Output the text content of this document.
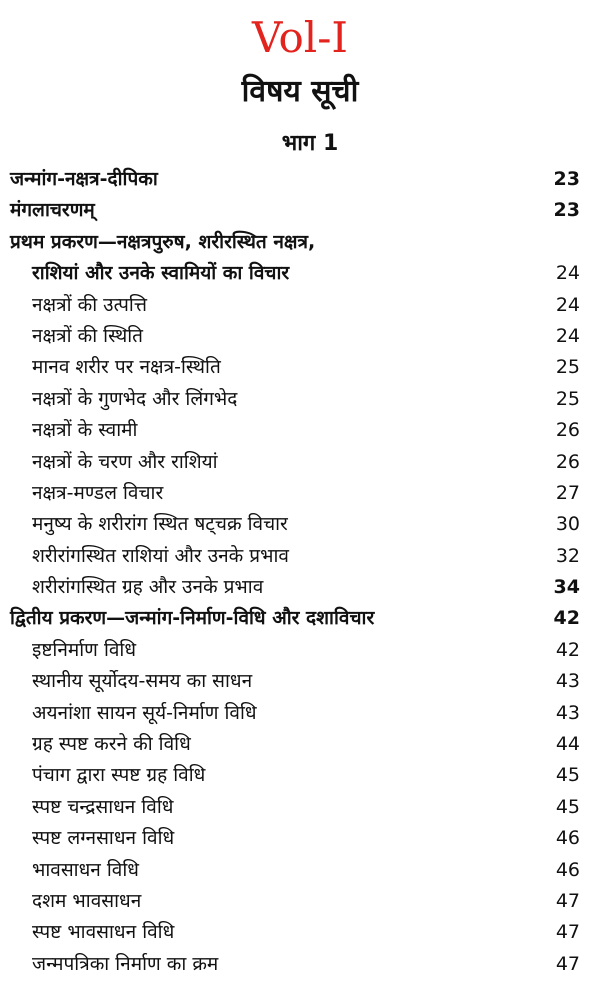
Vol-I
विषय सूची
भाग 1
जन्मांग-नक्षत्र-दीपिका	23
मंगलाचरणम्	23
प्रथम प्रकरण—नक्षत्रपुरुष, शरीरस्थित नक्षत्र,
राशियां और उनके स्वामियों का विचार	24
नक्षत्रों की उत्पत्ति	24
नक्षत्रों की स्थिति	24
मानव शरीर पर नक्षत्र-स्थिति	25
नक्षत्रों के गुणभेद और लिंगभेद	25
नक्षत्रों के स्वामी	26
नक्षत्रों के चरण और राशियां	26
नक्षत्र-मण्डल विचार	27
मनुष्य के शरीरांग स्थित षट्चक्र विचार	30
शरीरांगस्थित राशियां और उनके प्रभाव	32
शरीरांगस्थित ग्रह और उनके प्रभाव	34
द्वितीय प्रकरण—जन्मांग-निर्माण-विधि और दशाविचार	42
इष्टनिर्माण विधि	42
स्थानीय सूर्योदय-समय का साधन	43
अयनांशा सायन सूर्य-निर्माण विधि	43
ग्रह स्पष्ट करने की विधि	44
पंचाग द्वारा स्पष्ट ग्रह विधि	45
स्पष्ट चन्द्रसाधन विधि	45
स्पष्ट लग्नसाधन विधि	46
भावसाधन विधि	46
दशम भावसाधन	47
स्पष्ट भावसाधन विधि	47
जन्मपत्रिका निर्माण का क्रम	47
